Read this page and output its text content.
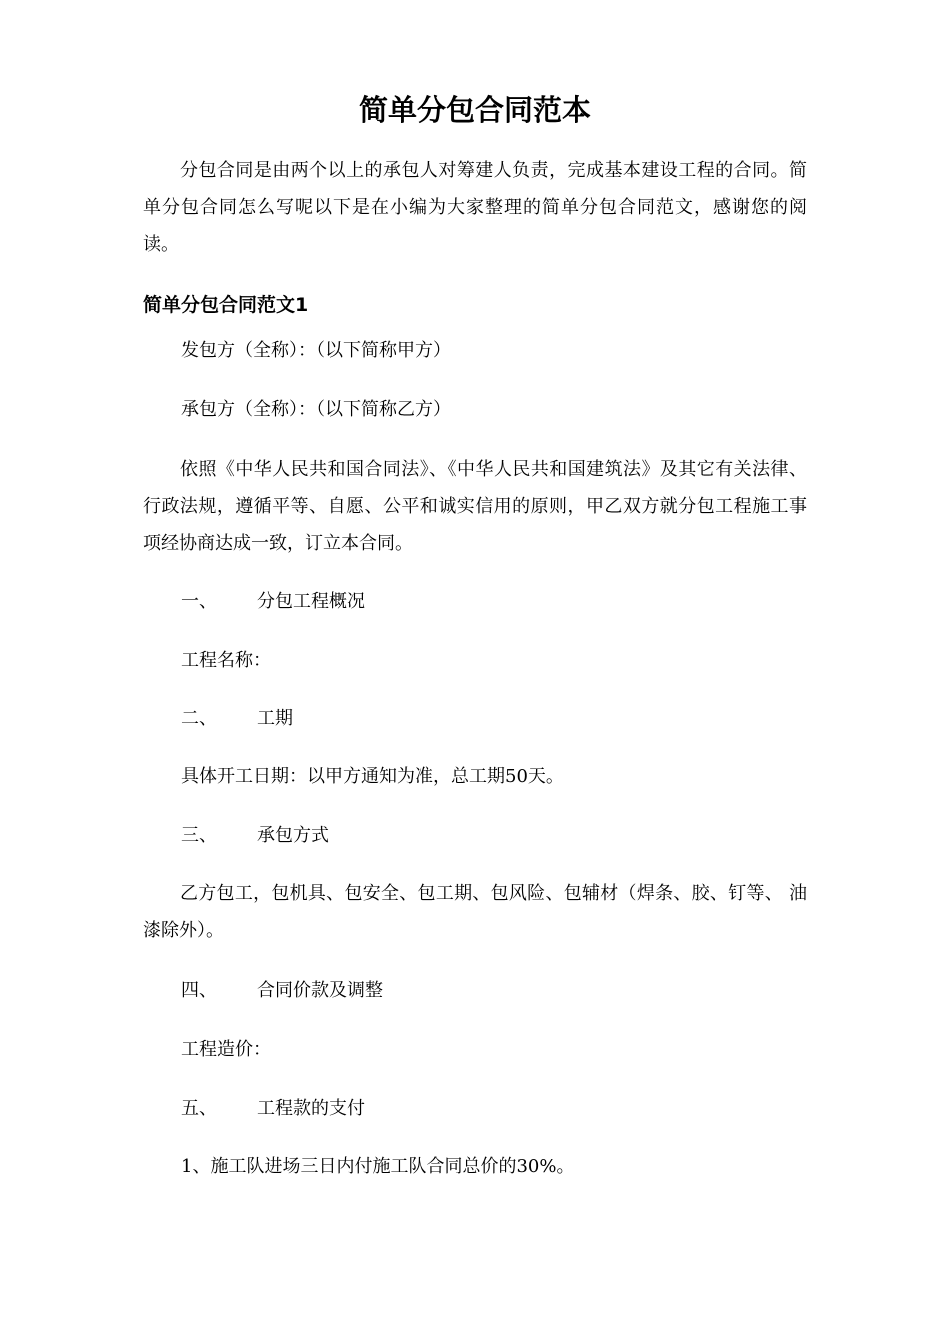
简单分包合同范本
分包合同是由两个以上的承包人对筹建人负责，完成基本建设工程的合同。简单分包合同怎么写呢以下是在小编为大家整理的简单分包合同范文，感谢您的阅读。
简单分包合同范文1
发包方（全称）：（以下简称甲方）
承包方（全称）：（以下简称乙方）
依照《中华人民共和国合同法》、《中华人民共和国建筑法》及其它有关法律、行政法规，遵循平等、自愿、公平和诚实信用的原则，甲乙双方就分包工程施工事项经协商达成一致，订立本合同。
一、 分包工程概况
工程名称：
二、 工期
具体开工日期：以甲方通知为准，总工期50天。
三、 承包方式
乙方包工，包机具、包安全、包工期、包风险、包辅材（焊条、胶、钉等、 油漆除外）。
四、 合同价款及调整
工程造价：
五、 工程款的支付
1、施工队进场三日内付施工队合同总价的30%。
